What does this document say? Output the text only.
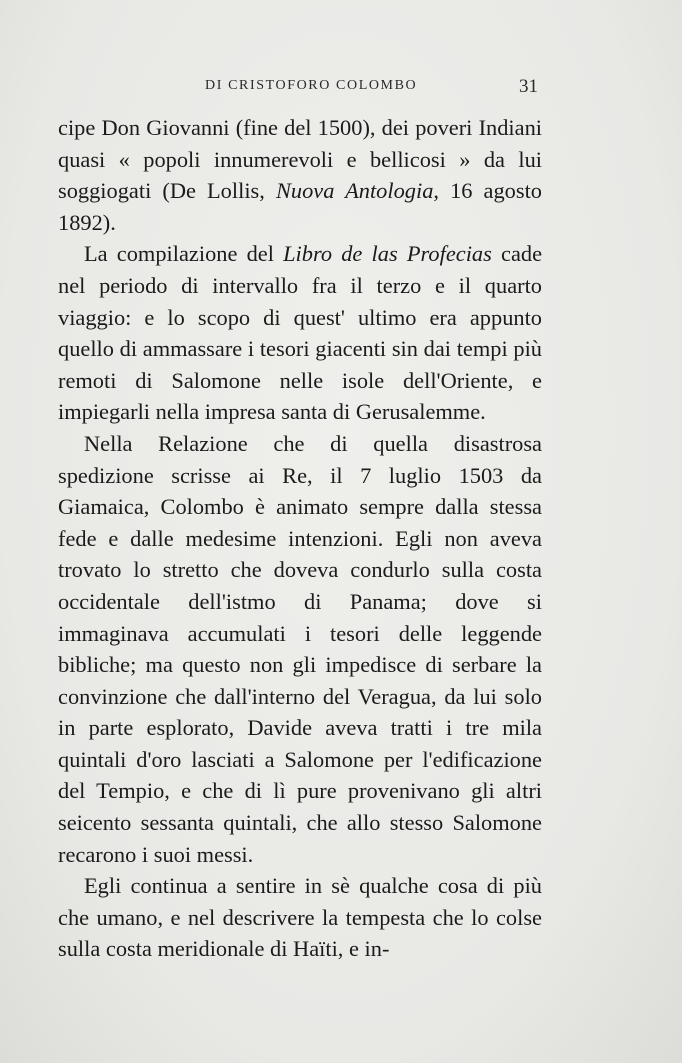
DI CRISTOFORO COLOMBO	31

cipe Don Giovanni (fine del 1500), dei poveri Indiani quasi « popoli innumerevoli e bellicosi » da lui soggiogati (De Lollis, Nuova Antologia, 16 agosto 1892).

La compilazione del Libro de las Profecias cade nel periodo di intervallo fra il terzo e il quarto viaggio: e lo scopo di quest' ultimo era appunto quello di ammassare i tesori giacenti sin dai tempi più remoti di Salomone nelle isole dell'Oriente, e impiegarli nella impresa santa di Gerusalemme.

Nella Relazione che di quella disastrosa spedizione scrisse ai Re, il 7 luglio 1503 da Giamaica, Colombo è animato sempre dalla stessa fede e dalle medesime intenzioni. Egli non aveva trovato lo stretto che doveva condurlo sulla costa occidentale dell'istmo di Panama; dove si immaginava accumulati i tesori delle leggende bibliche; ma questo non gli impedisce di serbare la convinzione che dall'interno del Veragua, da lui solo in parte esplorato, Davide aveva tratti i tre mila quintali d'oro lasciati a Salomone per l'edificazione del Tempio, e che di lì pure provenivano gli altri seicento sessanta quintali, che allo stesso Salomone recarono i suoi messi.

Egli continua a sentire in sè qualche cosa di più che umano, e nel descrivere la tempesta che lo colse sulla costa meridionale di Haïti, e in-
